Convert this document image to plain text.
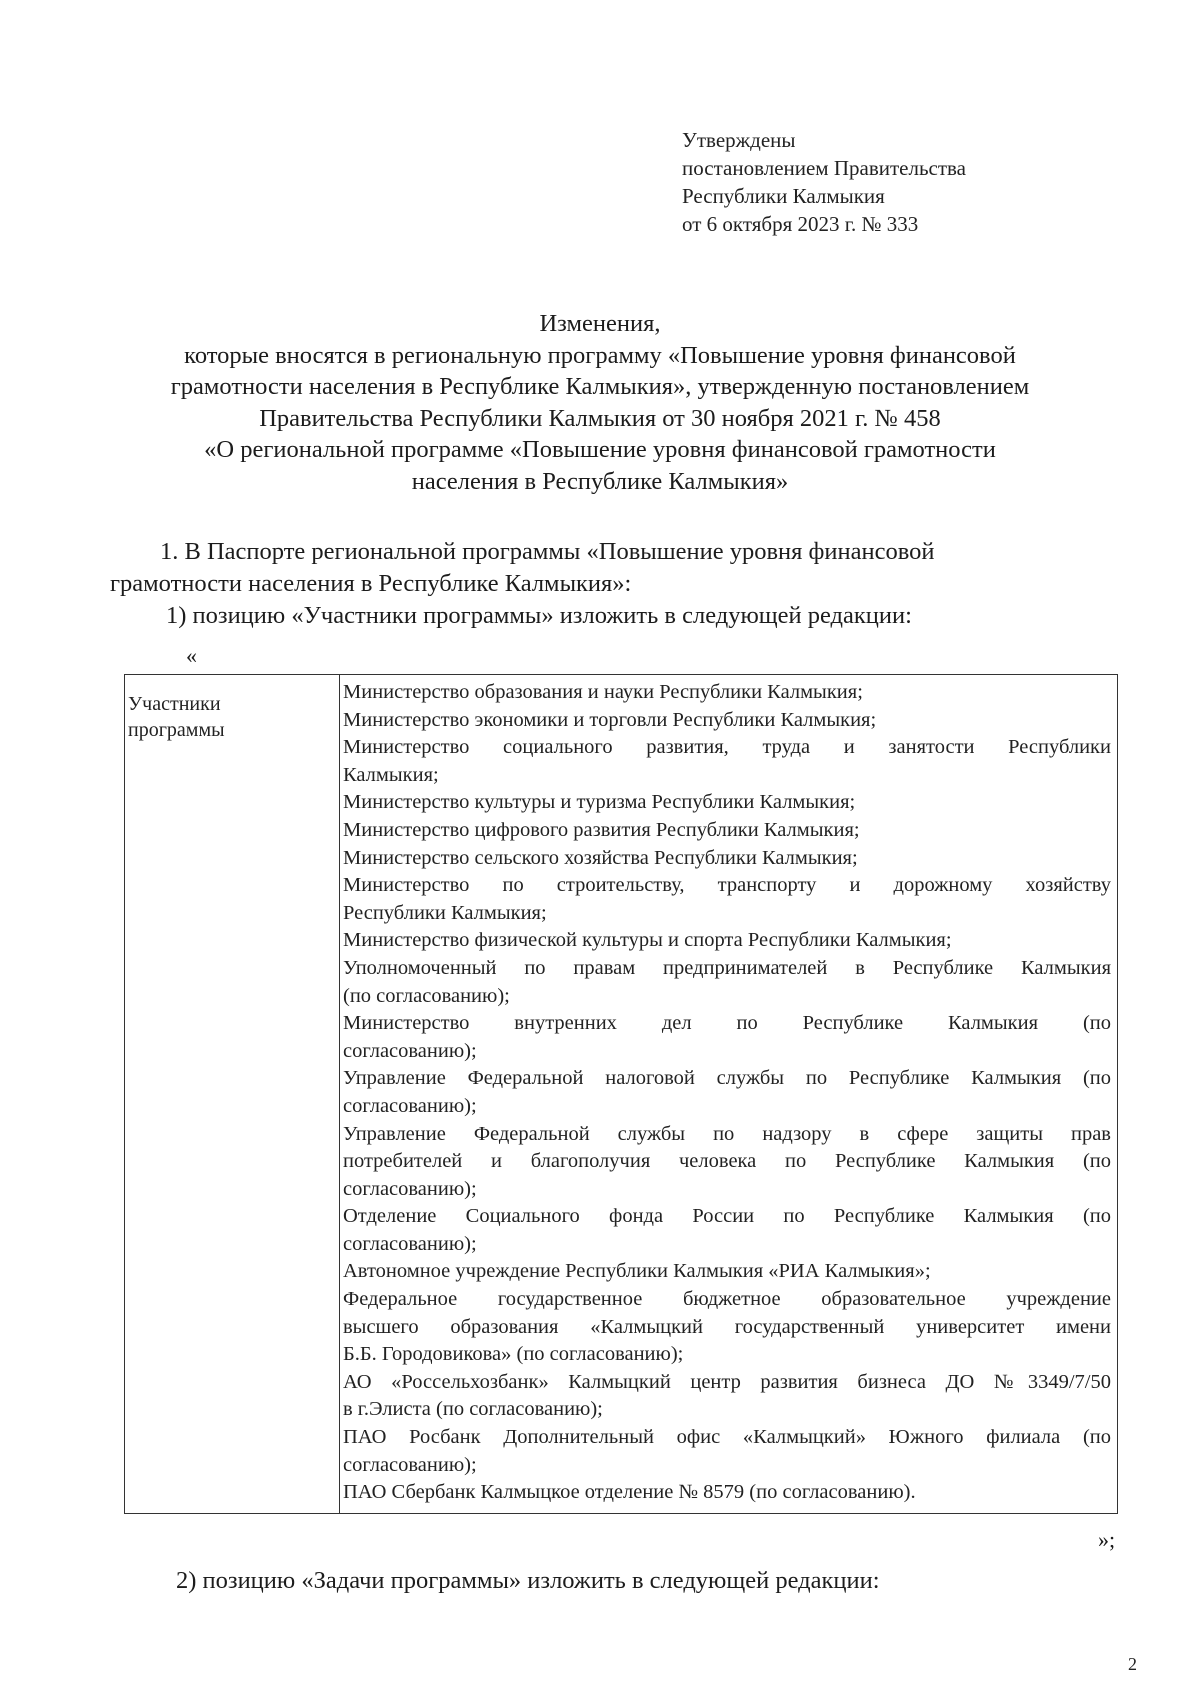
Утверждены
постановлением Правительства
Республики Калмыкия
от 6 октября 2023 г. № 333
Изменения,
которые вносятся в региональную программу «Повышение уровня финансовой
грамотности населения в Республике Калмыкия», утвержденную постановлением
Правительства Республики Калмыкия от 30 ноября 2021 г. № 458
«О региональной программе «Повышение уровня финансовой грамотности
населения в Республике Калмыкия»
1. В Паспорте региональной программы «Повышение уровня финансовой
грамотности населения в Республике Калмыкия»:
1) позицию «Участники программы» изложить в следующей редакции:
«
Участники
программы
Министерство образования и науки Республики Калмыкия;
Министерство экономики и торговли Республики Калмыкия;
Министерство социального развития, труда и занятости Республики
Калмыкия;
Министерство культуры и туризма Республики Калмыкия;
Министерство цифрового развития Республики Калмыкия;
Министерство сельского хозяйства Республики Калмыкия;
Министерство по строительству, транспорту и дорожному хозяйству
Республики Калмыкия;
Министерство физической культуры и спорта Республики Калмыкия;
Уполномоченный по правам предпринимателей в Республике Калмыкия
(по согласованию);
Министерство внутренних дел по Республике Калмыкия (по
согласованию);
Управление Федеральной налоговой службы по Республике Калмыкия (по
согласованию);
Управление Федеральной службы по надзору в сфере защиты прав
потребителей и благополучия человека по Республике Калмыкия (по
согласованию);
Отделение Социального фонда России по Республике Калмыкия (по
согласованию);
Автономное учреждение Республики Калмыкия «РИА Калмыкия»;
Федеральное государственное бюджетное образовательное учреждение
высшего образования «Калмыцкий государственный университет имени
Б.Б. Городовикова» (по согласованию);
АО «Россельхозбанк» Калмыцкий центр развития бизнеса ДО №3349/7/50
в г.Элиста (по согласованию);
ПАО Росбанк Дополнительный офис «Калмыцкий» Южного филиала (по
согласованию);
ПАО Сбербанк Калмыцкое отделение № 8579 (по согласованию).
»;
2) позицию «Задачи программы» изложить в следующей редакции:
2
